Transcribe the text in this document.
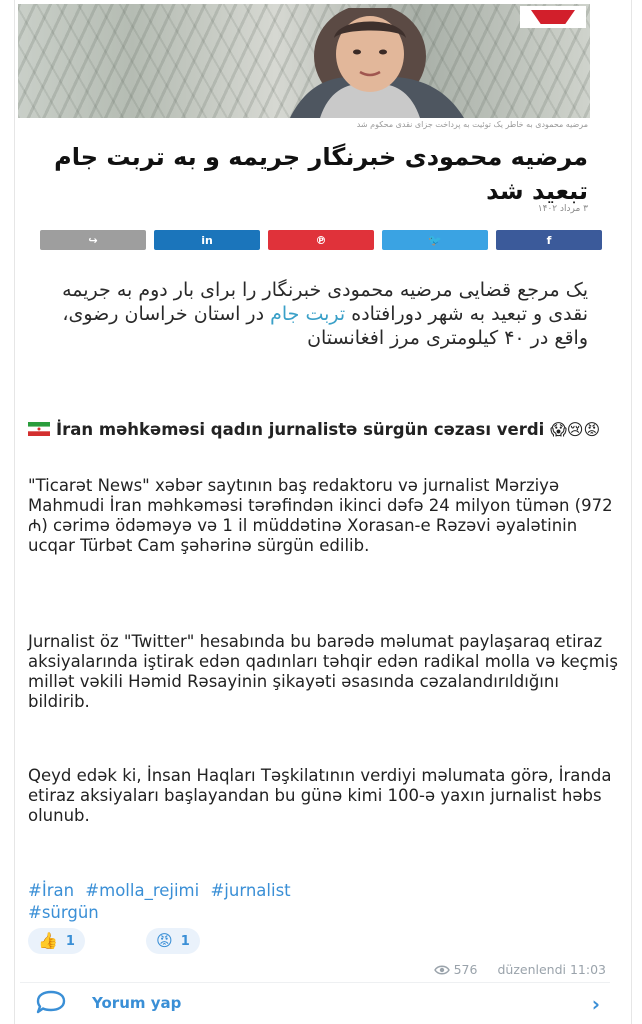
مرضیه محمودی به خاطر یک توئیت به پرداخت جزای نقدی محکوم شد
مرضیه محمودی خبرنگار جریمه و به تربت جام تبعید شد
۳ مرداد ۱۴۰۲
↪	in	℗	🐦	f
یک مرجع قضایی مرضیه محمودی خبرنگار را برای بار دوم به جریمه نقدی و تبعید به شهر دورافتاده تربت جام در استان خراسان رضوی، واقع در ۴۰ کیلومتری مرز افغانستان
İran məhkəməsi qadın jurnalistə sürgün cəzası verdi 😱😢😡
"Ticarət News" xəbər saytının baş redaktoru və jurnalist Mərziyə Mahmudi İran məhkəməsi tərəfindən ikinci dəfə 24 milyon tümən (972 ₼) cərimə ödəməyə və 1 il müddətinə Xorasan-e Rəzəvi əyalətinin ucqar Türbət Cam şəhərinə sürgün edilib.
Jurnalist öz "Twitter" hesabında bu barədə məlumat paylaşaraq etiraz aksiyalarında iştirak edən qadınları təhqir edən radikal molla və keçmiş millət vəkili Həmid Rəsayinin şikayəti əsasında cəzalandırıldığını bildirib.
Qeyd edək ki, İnsan Haqları Təşkilatının verdiyi məlumata görə, İranda etiraz aksiyaları başlayandan bu günə kimi 100-ə yaxın jurnalist həbs olunub.
#İran #molla_rejimi #jurnalist
#sürgün
👍 1	😡 1
576 düzenlendi 11:03
Yorum yap	›
